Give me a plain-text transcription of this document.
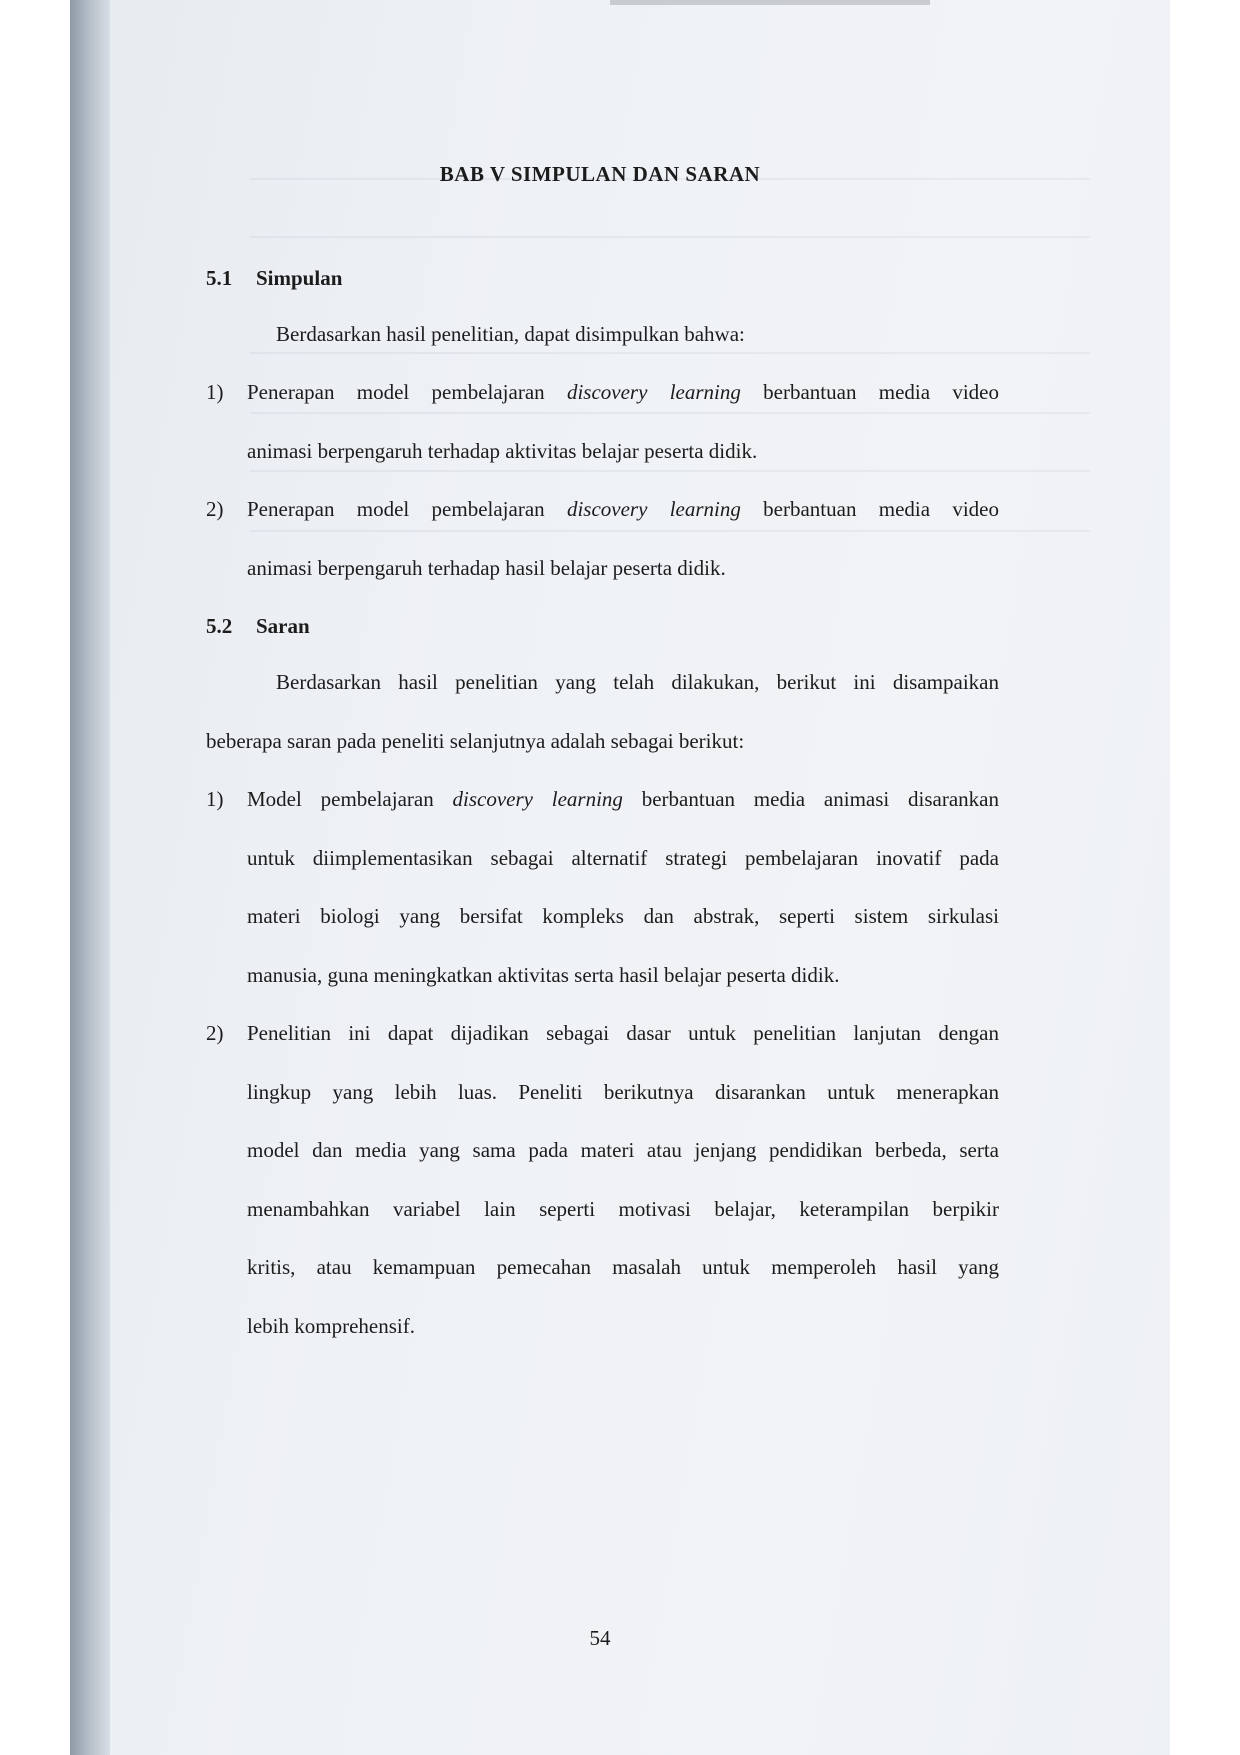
BAB V SIMPULAN DAN SARAN
5.1 Simpulan
Berdasarkan hasil penelitian, dapat disimpulkan bahwa:
1) Penerapan model pembelajaran discovery learning berbantuan media video
animasi berpengaruh terhadap aktivitas belajar peserta didik.
2) Penerapan model pembelajaran discovery learning berbantuan media video
animasi berpengaruh terhadap hasil belajar peserta didik.
5.2 Saran
Berdasarkan hasil penelitian yang telah dilakukan, berikut ini disampaikan
beberapa saran pada peneliti selanjutnya adalah sebagai berikut:
1) Model pembelajaran discovery learning berbantuan media animasi disarankan
untuk diimplementasikan sebagai alternatif strategi pembelajaran inovatif pada
materi biologi yang bersifat kompleks dan abstrak, seperti sistem sirkulasi
manusia, guna meningkatkan aktivitas serta hasil belajar peserta didik.
2) Penelitian ini dapat dijadikan sebagai dasar untuk penelitian lanjutan dengan
lingkup yang lebih luas. Peneliti berikutnya disarankan untuk menerapkan
model dan media yang sama pada materi atau jenjang pendidikan berbeda, serta
menambahkan variabel lain seperti motivasi belajar, keterampilan berpikir
kritis, atau kemampuan pemecahan masalah untuk memperoleh hasil yang
lebih komprehensif.
54
